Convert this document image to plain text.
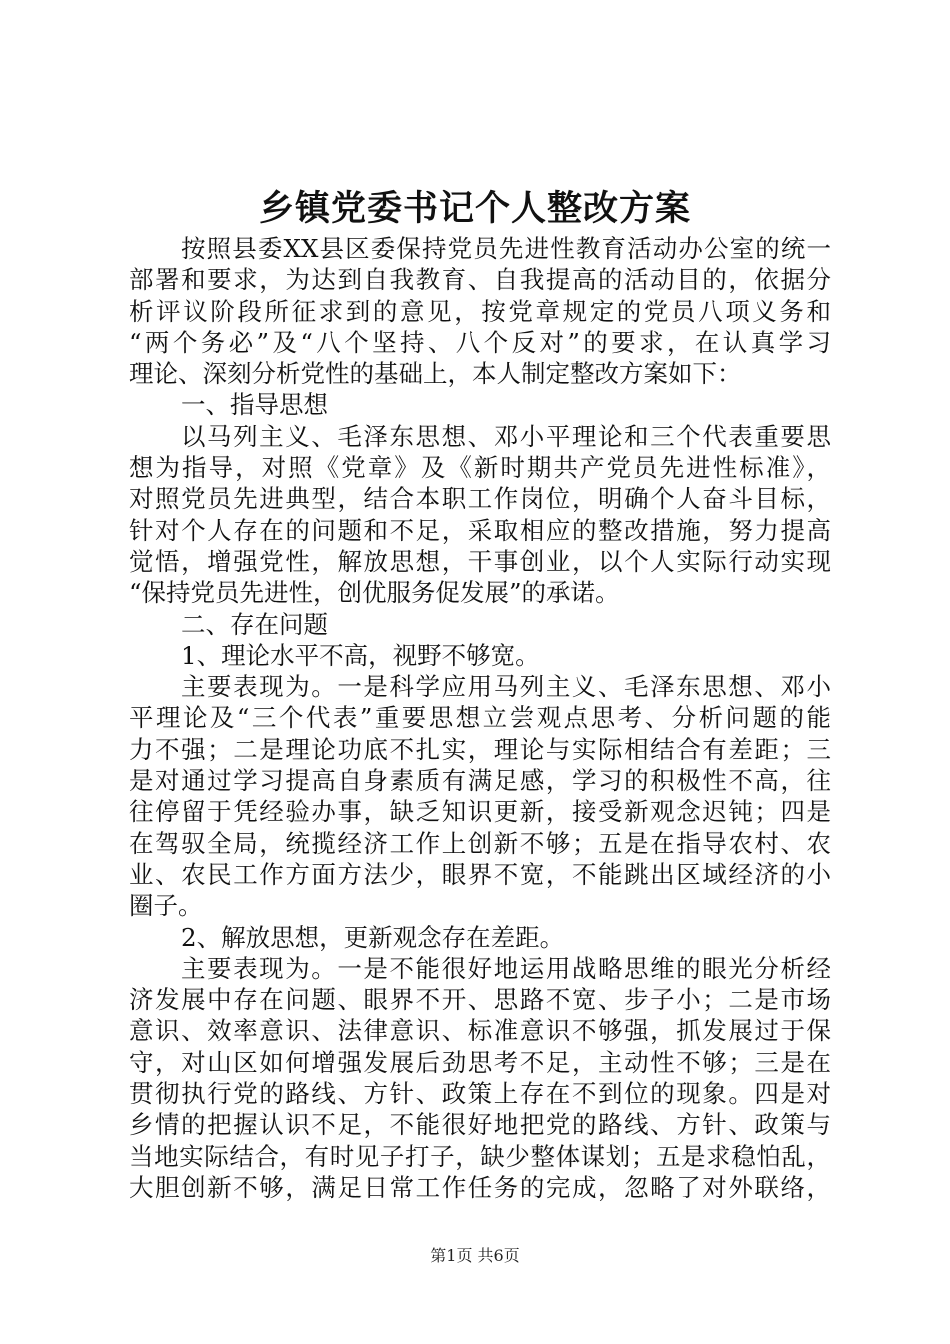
乡镇党委书记个人整改方案
按照县委XX县区委保持党员先进性教育活动办公室的统一
部署和要求，为达到自我教育、自我提高的活动目的，依据分
析评议阶段所征求到的意见，按党章规定的党员八项义务和
“两个务必”及“八个坚持、八个反对”的要求，在认真学习
理论、深刻分析党性的基础上，本人制定整改方案如下：
一、指导思想
以马列主义、毛泽东思想、邓小平理论和三个代表重要思
想为指导，对照《党章》及《新时期共产党员先进性标准》，
对照党员先进典型，结合本职工作岗位，明确个人奋斗目标，
针对个人存在的问题和不足，采取相应的整改措施，努力提高
觉悟，增强党性，解放思想，干事创业，以个人实际行动实现
“保持党员先进性，创优服务促发展”的承诺。
二、存在问题
1、理论水平不高，视野不够宽。
主要表现为。一是科学应用马列主义、毛泽东思想、邓小
平理论及“三个代表”重要思想立尝观点思考、分析问题的能
力不强；二是理论功底不扎实，理论与实际相结合有差距；三
是对通过学习提高自身素质有满足感，学习的积极性不高，往
往停留于凭经验办事，缺乏知识更新，接受新观念迟钝；四是
在驾驭全局，统揽经济工作上创新不够；五是在指导农村、农
业、农民工作方面方法少，眼界不宽，不能跳出区域经济的小
圈子。
2、解放思想，更新观念存在差距。
主要表现为。一是不能很好地运用战略思维的眼光分析经
济发展中存在问题、眼界不开、思路不宽、步子小；二是市场
意识、效率意识、法律意识、标准意识不够强，抓发展过于保
守，对山区如何增强发展后劲思考不足，主动性不够；三是在
贯彻执行党的路线、方针、政策上存在不到位的现象。四是对
乡情的把握认识不足，不能很好地把党的路线、方针、政策与
当地实际结合，有时见子打子，缺少整体谋划；五是求稳怕乱，
大胆创新不够，满足日常工作任务的完成，忽略了对外联络，
第1页 共6页
